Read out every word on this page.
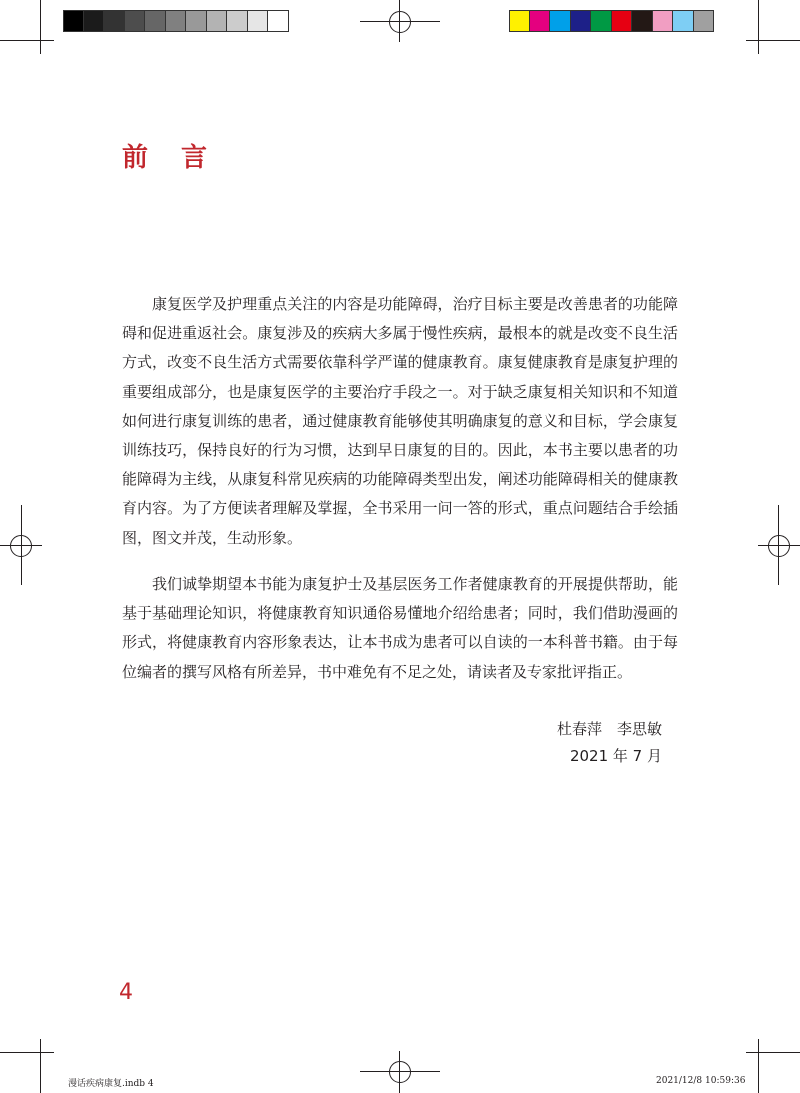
前 言

康复医学及护理重点关注的内容是功能障碍，治疗目标主要是改善患者的功能障碍和促进重返社会。康复涉及的疾病大多属于慢性疾病，最根本的就是改变不良生活方式，改变不良生活方式需要依靠科学严谨的健康教育。康复健康教育是康复护理的重要组成部分，也是康复医学的主要治疗手段之一。对于缺乏康复相关知识和不知道如何进行康复训练的患者，通过健康教育能够使其明确康复的意义和目标，学会康复训练技巧，保持良好的行为习惯，达到早日康复的目的。因此，本书主要以患者的功能障碍为主线，从康复科常见疾病的功能障碍类型出发，阐述功能障碍相关的健康教育内容。为了方便读者理解及掌握，全书采用一问一答的形式，重点问题结合手绘插图，图文并茂，生动形象。

我们诚挚期望本书能为康复护士及基层医务工作者健康教育的开展提供帮助，能基于基础理论知识，将健康教育知识通俗易懂地介绍给患者；同时，我们借助漫画的形式，将健康教育内容形象表达，让本书成为患者可以自读的一本科普书籍。由于每位编者的撰写风格有所差异，书中难免有不足之处，请读者及专家批评指正。

杜春萍　李思敏
2021 年 7 月
4
漫话疾病康复.indb 4	2021/12/8 10:59:36
